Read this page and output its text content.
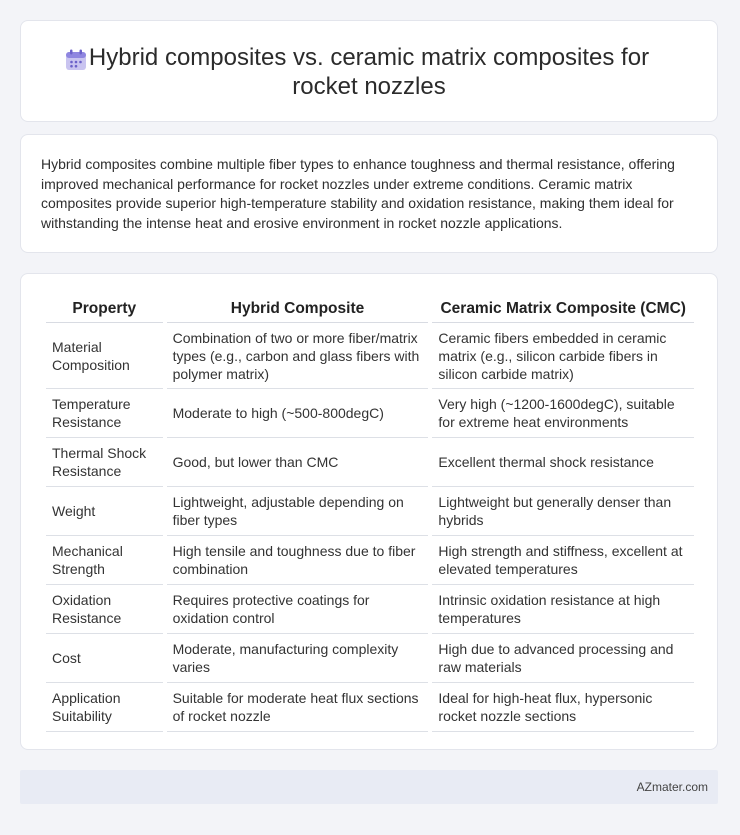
Hybrid composites vs. ceramic matrix composites for rocket nozzles
Hybrid composites combine multiple fiber types to enhance toughness and thermal resistance, offering improved mechanical performance for rocket nozzles under extreme conditions. Ceramic matrix composites provide superior high-temperature stability and oxidation resistance, making them ideal for withstanding the intense heat and erosive environment in rocket nozzle applications.
Property	Hybrid Composite	Ceramic Matrix Composite (CMC)
Material Composition	Combination of two or more fiber/matrix types (e.g., carbon and glass fibers with polymer matrix)	Ceramic fibers embedded in ceramic matrix (e.g., silicon carbide fibers in silicon carbide matrix)
Temperature Resistance	Moderate to high (~500-800degC)	Very high (~1200-1600degC), suitable for extreme heat environments
Thermal Shock Resistance	Good, but lower than CMC	Excellent thermal shock resistance
Weight	Lightweight, adjustable depending on fiber types	Lightweight but generally denser than hybrids
Mechanical Strength	High tensile and toughness due to fiber combination	High strength and stiffness, excellent at elevated temperatures
Oxidation Resistance	Requires protective coatings for oxidation control	Intrinsic oxidation resistance at high temperatures
Cost	Moderate, manufacturing complexity varies	High due to advanced processing and raw materials
Application Suitability	Suitable for moderate heat flux sections of rocket nozzle	Ideal for high-heat flux, hypersonic rocket nozzle sections
AZmater.com
